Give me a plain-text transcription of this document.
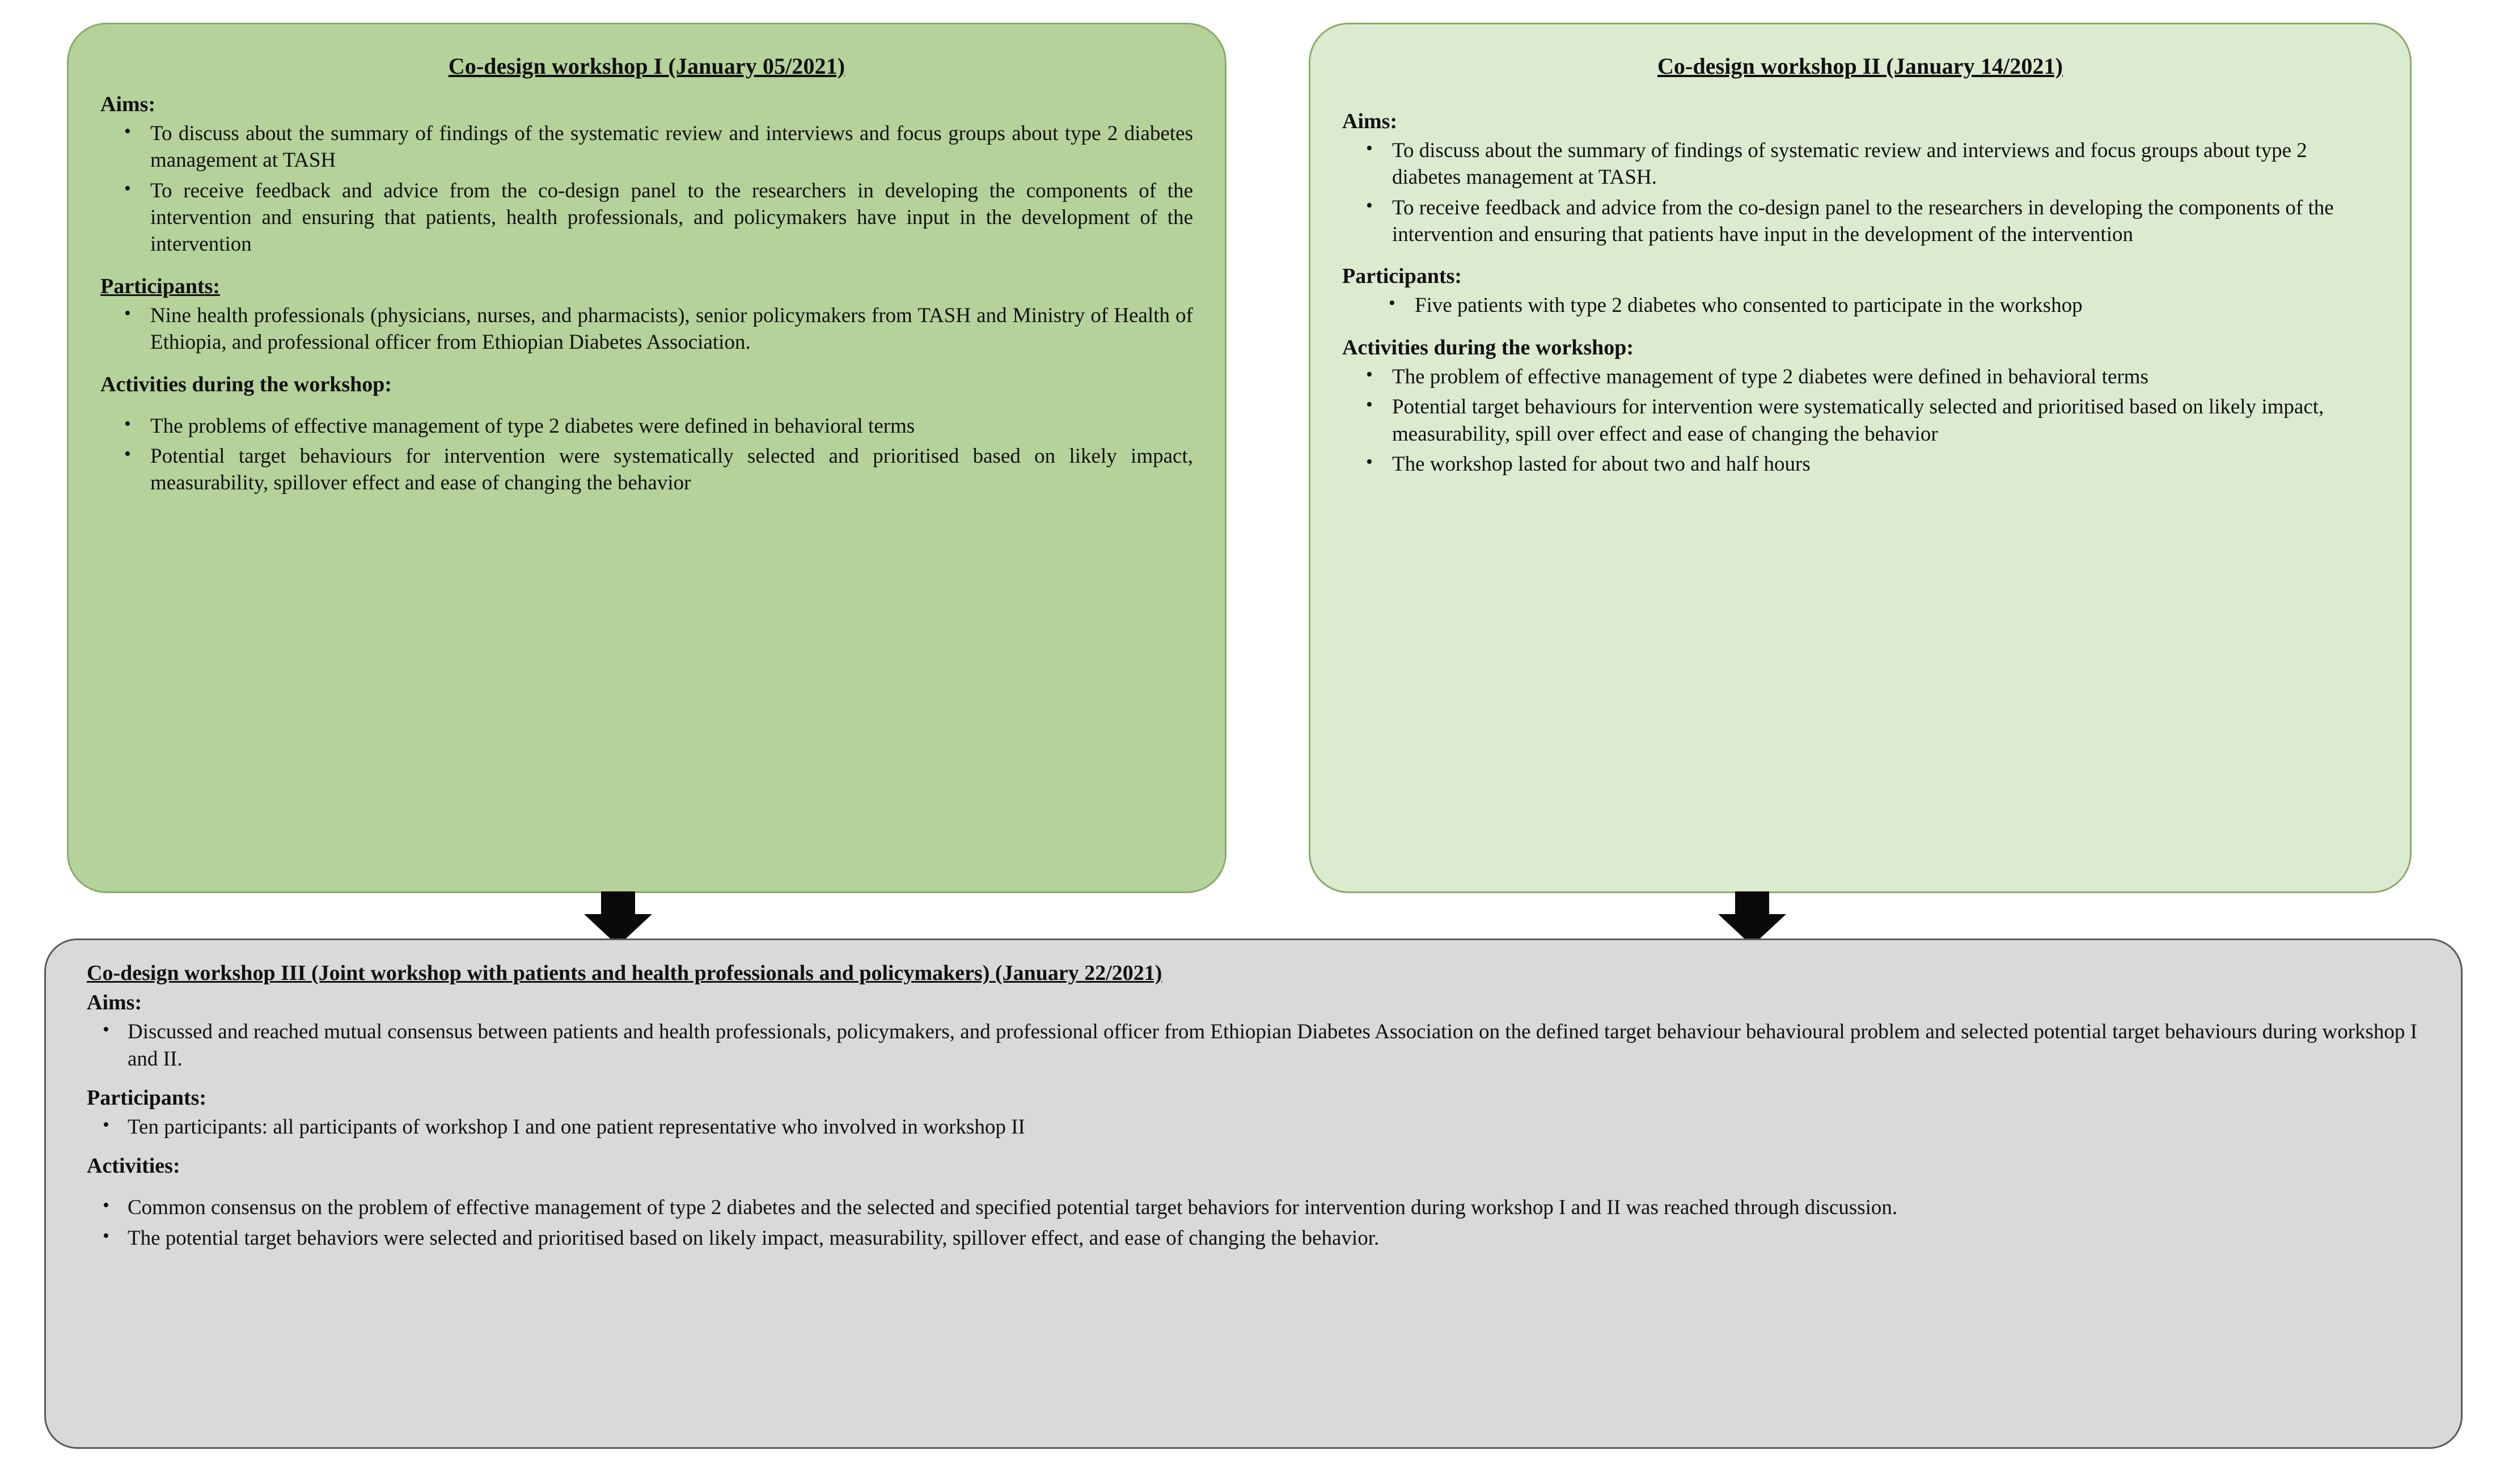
Co-design workshop I (January 05/2021)
Aims:
• To discuss about the summary of findings of the systematic review and interviews and focus groups about type 2 diabetes management at TASH
• To receive feedback and advice from the co-design panel to the researchers in developing the components of the intervention and ensuring that patients, health professionals, and policymakers have input in the development of the intervention
Participants:
• Nine health professionals (physicians, nurses, and pharmacists), senior policymakers from TASH and Ministry of Health of Ethiopia, and professional officer from Ethiopian Diabetes Association.
Activities during the workshop:
• The problems of effective management of type 2 diabetes were defined in behavioral terms
• Potential target behaviours for intervention were systematically selected and prioritised based on likely impact, measurability, spillover effect and ease of changing the behavior
Co-design workshop II (January 14/2021)
Aims:
• To discuss about the summary of findings of systematic review and interviews and focus groups about type 2 diabetes management at TASH.
• To receive feedback and advice from the co-design panel to the researchers in developing the components of the intervention and ensuring that patients have input in the development of the intervention
Participants:
• Five patients with type 2 diabetes who consented to participate in the workshop
Activities during the workshop:
• The problem of effective management of type 2 diabetes were defined in behavioral terms
• Potential target behaviours for intervention were systematically selected and prioritised based on likely impact, measurability, spill over effect and ease of changing the behavior
• The workshop lasted for about two and half hours
Co-design workshop III (Joint workshop with patients and health professionals and policymakers) (January 22/2021)
Aims:
• Discussed and reached mutual consensus between patients and health professionals, policymakers, and professional officer from Ethiopian Diabetes Association on the defined target behaviour behavioural problem and selected potential target behaviours during workshop I and II.
Participants:
• Ten participants: all participants of workshop I and one patient representative who involved in workshop II
Activities:
• Common consensus on the problem of effective management of type 2 diabetes and the selected and specified potential target behaviors for intervention during workshop I and II was reached through discussion.
• The potential target behaviors were selected and prioritised based on likely impact, measurability, spillover effect, and ease of changing the behavior.
